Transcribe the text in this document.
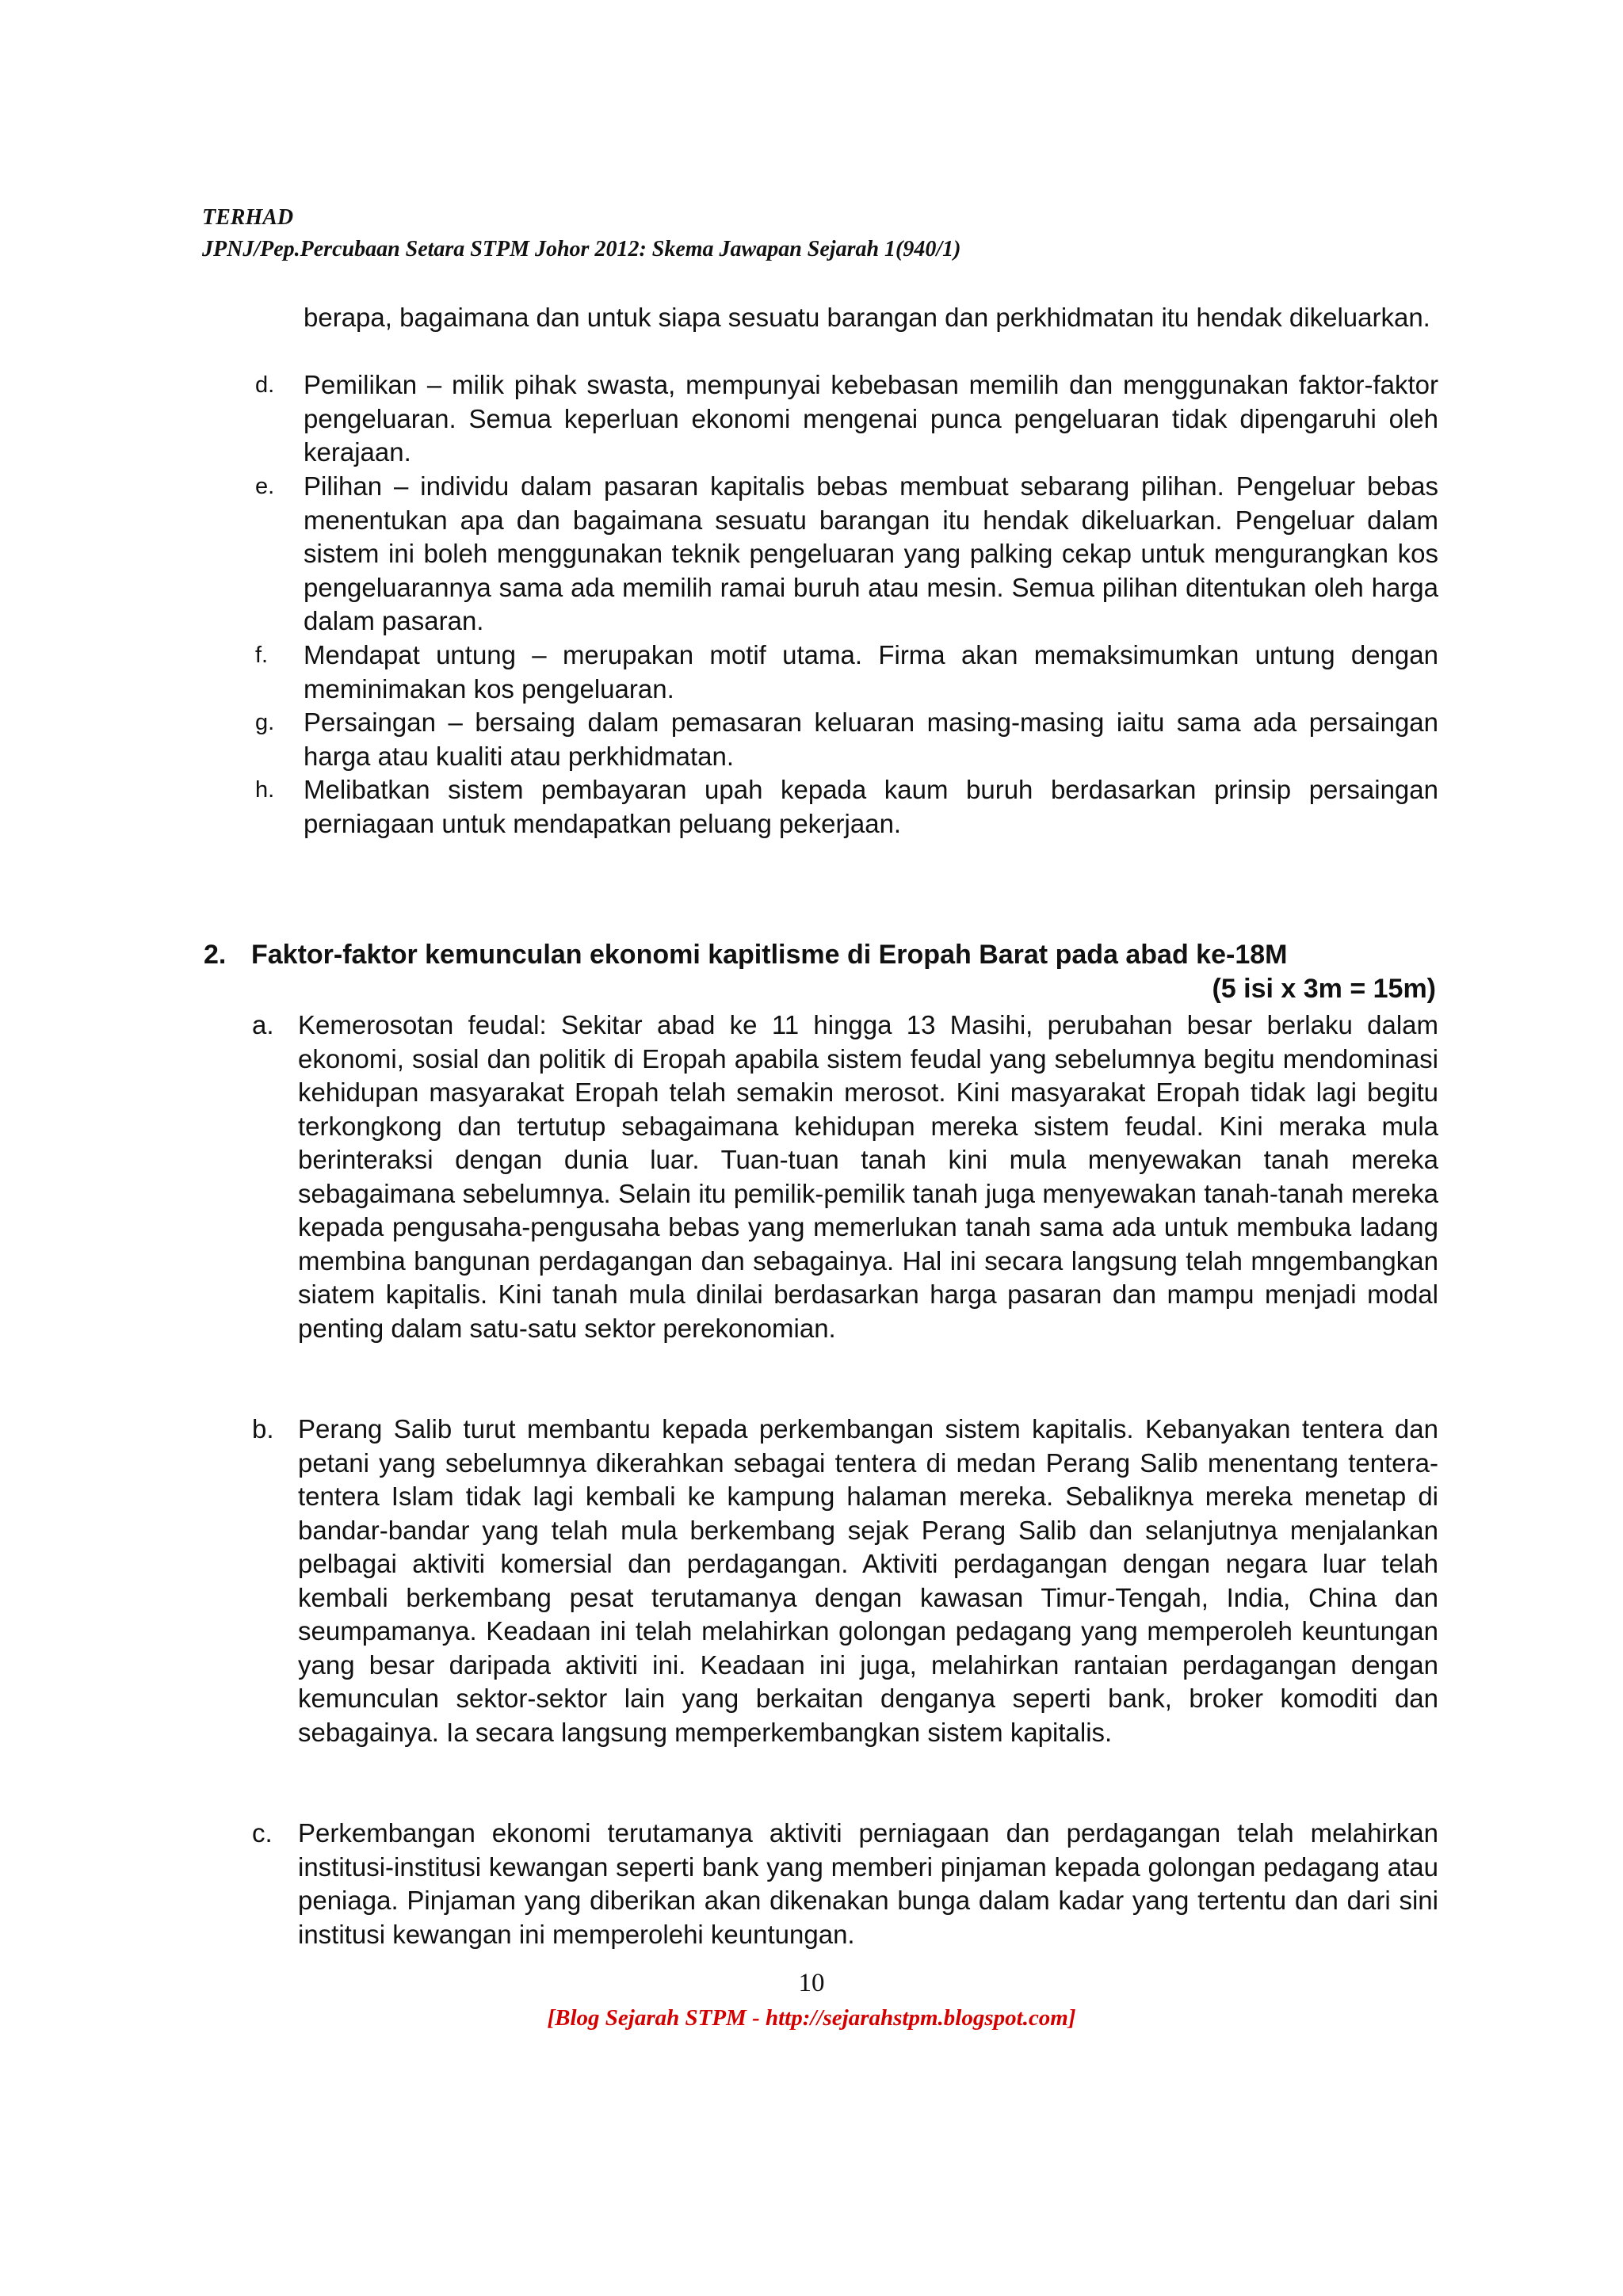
TERHAD
JPNJ/Pep.Percubaan Setara STPM Johor 2012: Skema Jawapan Sejarah 1(940/1)
berapa, bagaimana dan untuk siapa sesuatu barangan dan perkhidmatan itu hendak dikeluarkan.
d. Pemilikan – milik pihak swasta, mempunyai kebebasan memilih dan menggunakan faktor-faktor pengeluaran. Semua keperluan ekonomi mengenai punca pengeluaran tidak dipengaruhi oleh kerajaan.
e. Pilihan – individu dalam pasaran kapitalis bebas membuat sebarang pilihan. Pengeluar bebas menentukan apa dan bagaimana sesuatu barangan itu hendak dikeluarkan. Pengeluar dalam sistem ini boleh menggunakan teknik pengeluaran yang palking cekap untuk mengurangkan kos pengeluarannya sama ada memilih ramai buruh atau mesin. Semua pilihan ditentukan oleh harga dalam pasaran.
f. Mendapat untung – merupakan motif utama. Firma akan memaksimumkan untung dengan meminimakan kos pengeluaran.
g. Persaingan – bersaing dalam pemasaran keluaran masing-masing iaitu sama ada persaingan harga atau kualiti atau perkhidmatan.
h. Melibatkan sistem pembayaran upah kepada kaum buruh berdasarkan prinsip persaingan perniagaan untuk mendapatkan peluang pekerjaan.
2. Faktor-faktor kemunculan ekonomi kapitlisme di Eropah Barat pada abad ke-18M
(5 isi x 3m = 15m)
a. Kemerosotan feudal: Sekitar abad ke 11 hingga 13 Masihi, perubahan besar berlaku dalam ekonomi, sosial dan politik di Eropah apabila sistem feudal yang sebelumnya begitu mendominasi kehidupan masyarakat Eropah telah semakin merosot. Kini masyarakat Eropah tidak lagi begitu terkongkong dan tertutup sebagaimana kehidupan mereka sistem feudal. Kini meraka mula berinteraksi dengan dunia luar. Tuan-tuan tanah kini mula menyewakan tanah mereka sebagaimana sebelumnya. Selain itu pemilik-pemilik tanah juga menyewakan tanah-tanah mereka kepada pengusaha-pengusaha bebas yang memerlukan tanah sama ada untuk membuka ladang membina bangunan perdagangan dan sebagainya. Hal ini secara langsung telah mngembangkan siatem kapitalis. Kini tanah mula dinilai berdasarkan harga pasaran dan mampu menjadi modal penting dalam satu-satu sektor perekonomian.
b. Perang Salib turut membantu kepada perkembangan sistem kapitalis. Kebanyakan tentera dan petani yang sebelumnya dikerahkan sebagai tentera di medan Perang Salib menentang tentera-tentera Islam tidak lagi kembali ke kampung halaman mereka. Sebaliknya mereka menetap di bandar-bandar yang telah mula berkembang sejak Perang Salib dan selanjutnya menjalankan pelbagai aktiviti komersial dan perdagangan. Aktiviti perdagangan dengan negara luar telah kembali berkembang pesat terutamanya dengan kawasan Timur-Tengah, India, China dan seumpamanya. Keadaan ini telah melahirkan golongan pedagang yang memperoleh keuntungan yang besar daripada aktiviti ini. Keadaan ini juga, melahirkan rantaian perdagangan dengan kemunculan sektor-sektor lain yang berkaitan denganya seperti bank, broker komoditi dan sebagainya. Ia secara langsung memperkembangkan sistem kapitalis.
c. Perkembangan ekonomi terutamanya aktiviti perniagaan dan perdagangan telah melahirkan institusi-institusi kewangan seperti bank yang memberi pinjaman kepada golongan pedagang atau peniaga. Pinjaman yang diberikan akan dikenakan bunga dalam kadar yang tertentu dan dari sini institusi kewangan ini memperolehi keuntungan.
10
[Blog Sejarah STPM - http://sejarahstpm.blogspot.com]
